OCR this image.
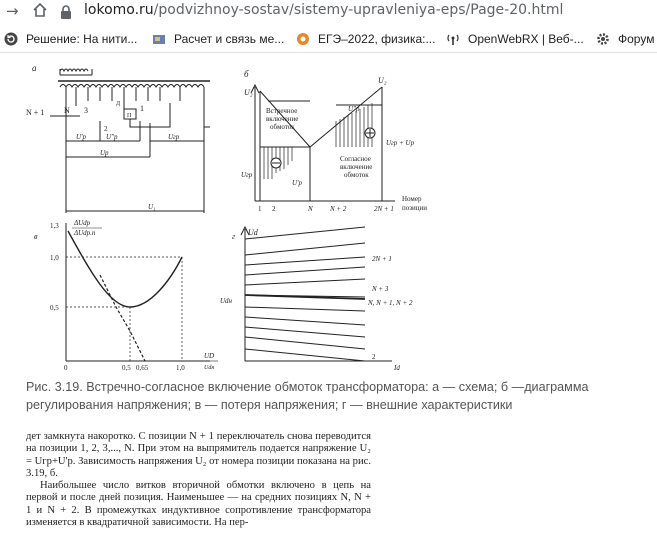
→	lokomo.ru/podvizhnoy-sostav/sistemy-upravleniya-eps/Page-20.html
Решение: На нити...	Расчет и связь ме...	ЕГЭ–2022, физика:...	OpenWebRX | Веб-...	Форум
а
N + 1 N 3
П
Д 1
2
U"р
U'р
Uр
Uгр
U₁
б
U₂
U₂
Встречное
включение
обмоток
Согласное
включение
обмоток
U"р
U'р
Uгр
Uгр + Uр
1 2	N N + 2	2N + 1
Номер
позиции
в
ΔUdp
ΔUdр.п
1,3
1,0
0,5
0	0,5 0,65	1,0
UD
Udн
г Ud
Udн
2N + 1
N + 3
N, N + 1, N + 2
2
Id
Рис. 3.19. Встречно-согласное включение обмоток трансформатора: а — схема; б —диаграмма регулирования напряжения; в — потеря напряжения; г — внешние характеристики

дет замкнута накоротко. С позиции N + 1 переключатель снова переводится на позиции 1, 2, 3,..., N. При этом на выпрямитель подается напряжение U₂ = Uгр+U'р. Зависимость напряжения U₂ от номера позиции показана на рис. 3.19, б.

Наибольшее число витков вторичной обмотки включено в цепь на первой и после дней позиция. Наименьшее — на средних позициях N, N + 1 и N + 2. В промежутках индуктивное сопротивление трансформатора изменяется в квадратичной зависимости. На пер-
